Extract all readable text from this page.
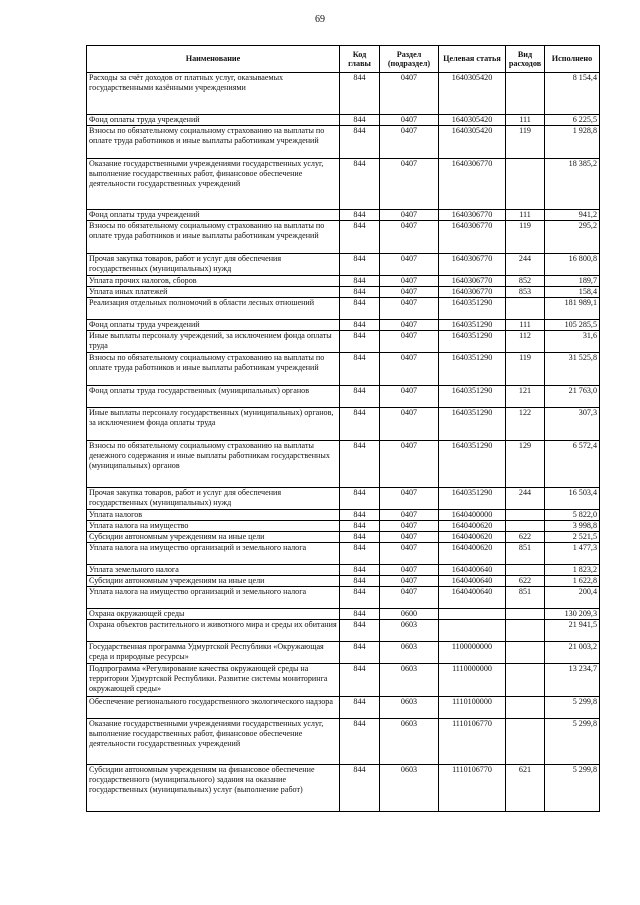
69
Наименование	Код главы	Раздел (подраздел)	Целевая статья	Вид расходов	Исполнено
Расходы за счёт доходов от платных услуг, оказываемых государственными казёнными учреждениями	844	0407	1640305420		8 154,4
Фонд оплаты труда учреждений	844	0407	1640305420	111	6 225,5
Взносы по обязательному социальному страхованию на выплаты по оплате труда работников и иные выплаты работникам учреждений	844	0407	1640305420	119	1 928,8
Оказание государственными учреждениями государственных услуг, выполнение государственных работ, финансовое обеспечение деятельности государственных учреждений	844	0407	1640306770		18 385,2
Фонд оплаты труда учреждений	844	0407	1640306770	111	941,2
Взносы по обязательному социальному страхованию на выплаты по оплате труда работников и иные выплаты работникам учреждений	844	0407	1640306770	119	295,2
Прочая закупка товаров, работ и услуг для обеспечения государственных (муниципальных) нужд	844	0407	1640306770	244	16 800,8
Уплата прочих налогов, сборов	844	0407	1640306770	852	189,7
Уплата иных платежей	844	0407	1640306770	853	158,4
Реализация отдельных полномочий в области лесных отношений	844	0407	1640351290		181 989,1
Фонд оплаты труда учреждений	844	0407	1640351290	111	105 285,5
Иные выплаты персоналу учреждений, за исключением фонда оплаты труда	844	0407	1640351290	112	31,6
Взносы по обязательному социальному страхованию на выплаты по оплате труда работников и иные выплаты работникам учреждений	844	0407	1640351290	119	31 525,8
Фонд оплаты труда государственных (муниципальных) органов	844	0407	1640351290	121	21 763,0
Иные выплаты персоналу государственных (муниципальных) органов, за исключением фонда оплаты труда	844	0407	1640351290	122	307,3
Взносы по обязательному социальному страхованию на выплаты денежного содержания и иные выплаты работникам государственных (муниципальных) органов	844	0407	1640351290	129	6 572,4
Прочая закупка товаров, работ и услуг для обеспечения государственных (муниципальных) нужд	844	0407	1640351290	244	16 503,4
Уплата налогов	844	0407	1640400000		5 822,0
Уплата налога на имущество	844	0407	1640400620		3 998,8
Субсидии автономным учреждениям на иные цели	844	0407	1640400620	622	2 521,5
Уплата налога на имущество организаций и земельного налога	844	0407	1640400620	851	1 477,3
Уплата земельного налога	844	0407	1640400640		1 823,2
Субсидии автономным учреждениям на иные цели	844	0407	1640400640	622	1 622,8
Уплата налога на имущество организаций и земельного налога	844	0407	1640400640	851	200,4
Охрана окружающей среды	844	0600			130 209,3
Охрана объектов растительного и животного мира и среды их обитания	844	0603			21 941,5
Государственная программа Удмуртской Республики «Окружающая среда и природные ресурсы»	844	0603	1100000000		21 003,2
Подпрограмма «Регулирование качества окружающей среды на территории Удмуртской Республики. Развитие системы мониторинга окружающей среды»	844	0603	1110000000		13 234,7
Обеспечение регионального государственного экологического надзора	844	0603	1110100000		5 299,8
Оказание государственными учреждениями государственных услуг, выполнение государственных работ, финансовое обеспечение деятельности государственных учреждений	844	0603	1110106770		5 299,8
Субсидии автономным учреждениям на финансовое обеспечение государственного (муниципального) задания на оказание государственных (муниципальных) услуг (выполнение работ)	844	0603	1110106770	621	5 299,8
